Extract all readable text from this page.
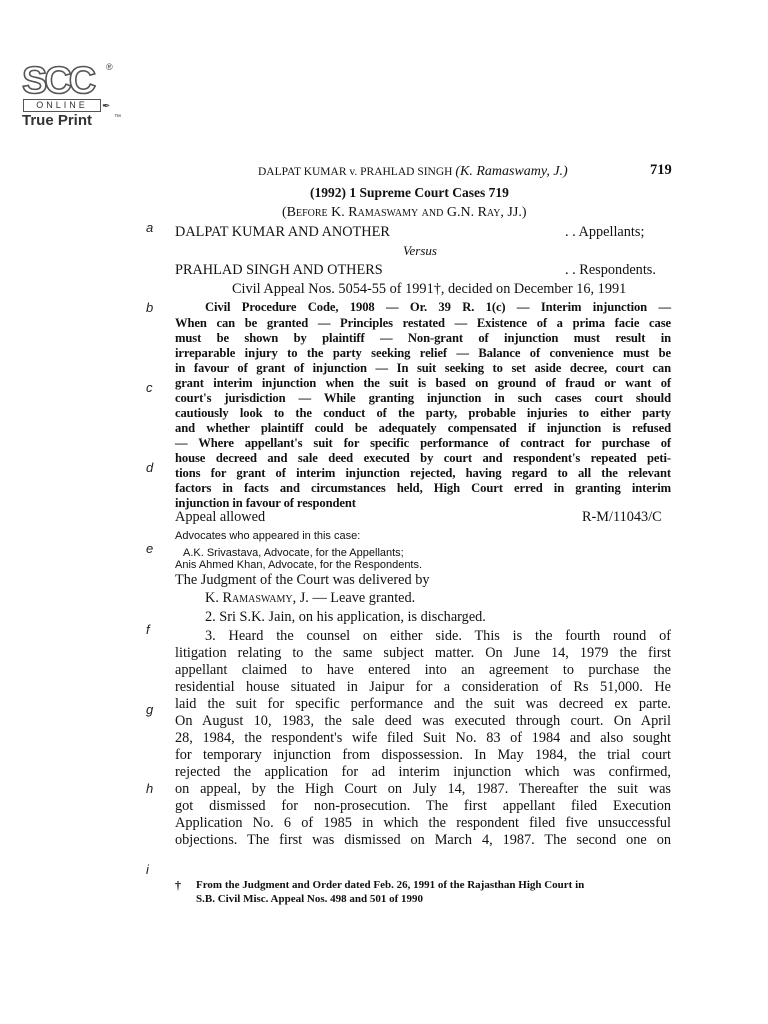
SCC ®
ONLINE	✒
True Print	™
DALPAT KUMAR v. PRAHLAD SINGH (K. Ramaswamy, J.)	719
(1992) 1 Supreme Court Cases 719
(Before K. Ramaswamy and G.N. Ray, JJ.)
a
b
c
d
e
f
g
h
i
DALPAT KUMAR AND ANOTHER	. . Appellants;
Versus
PRAHLAD SINGH AND OTHERS	. . Respondents.
Civil Appeal Nos. 5054-55 of 1991†, decided on December 16, 1991
Civil Procedure Code, 1908 — Or. 39 R. 1(c) — Interim injunction —
When can be granted — Principles restated — Existence of a prima facie case
must be shown by plaintiff — Non-grant of injunction must result in
irreparable injury to the party seeking relief — Balance of convenience must be
in favour of grant of injunction — In suit seeking to set aside decree, court can
grant interim injunction when the suit is based on ground of fraud or want of
court's jurisdiction — While granting injunction in such cases court should
cautiously look to the conduct of the party, probable injuries to either party
and whether plaintiff could be adequately compensated if injunction is refused
— Where appellant's suit for specific performance of contract for purchase of
house decreed and sale deed executed by court and respondent's repeated peti-
tions for grant of interim injunction rejected, having regard to all the relevant
factors in facts and circumstances held, High Court erred in granting interim
injunction in favour of respondent
Appeal allowed	R-M/11043/C
Advocates who appeared in this case:
A.K. Srivastava, Advocate, for the Appellants;
Anis Ahmed Khan, Advocate, for the Respondents.
The Judgment of the Court was delivered by
K. Ramaswamy, J. — Leave granted.
2. Sri S.K. Jain, on his application, is discharged.
3. Heard the counsel on either side. This is the fourth round of
litigation relating to the same subject matter. On June 14, 1979 the first
appellant claimed to have entered into an agreement to purchase the
residential house situated in Jaipur for a consideration of Rs 51,000. He
laid the suit for specific performance and the suit was decreed ex parte.
On August 10, 1983, the sale deed was executed through court. On April
28, 1984, the respondent's wife filed Suit No. 83 of 1984 and also sought
for temporary injunction from dispossession. In May 1984, the trial court
rejected the application for ad interim injunction which was confirmed,
on appeal, by the High Court on July 14, 1987. Thereafter the suit was
got dismissed for non-prosecution. The first appellant filed Execution
Application No. 6 of 1985 in which the respondent filed five unsuccessful
objections. The first was dismissed on March 4, 1987. The second one on
† From the Judgment and Order dated Feb. 26, 1991 of the Rajasthan High Court in
S.B. Civil Misc. Appeal Nos. 498 and 501 of 1990
